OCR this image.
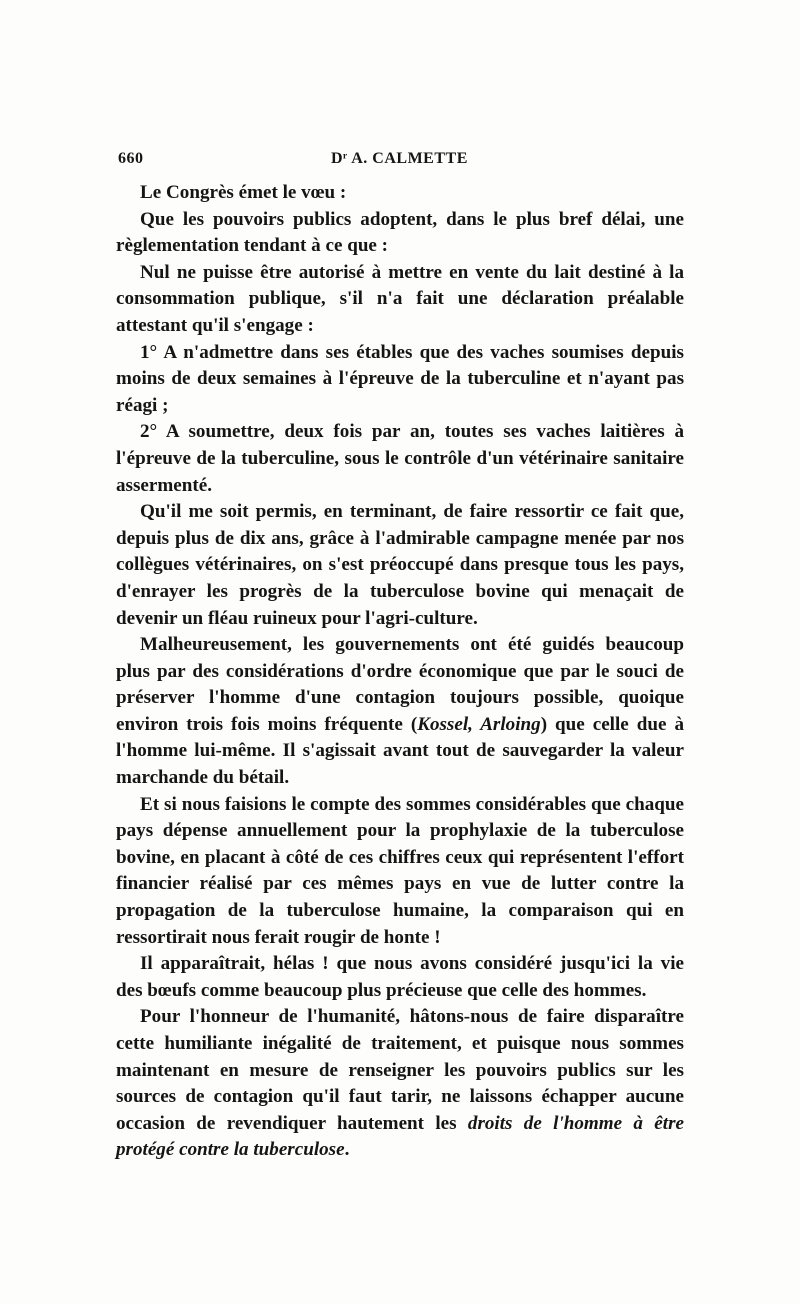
660	Dʳ A. CALMETTE

Le Congrès émet le vœu :

Que les pouvoirs publics adoptent, dans le plus bref délai, une règlementation tendant à ce que :

Nul ne puisse être autorisé à mettre en vente du lait destiné à la consommation publique, s'il n'a fait une déclaration préalable attestant qu'il s'engage :

1° A n'admettre dans ses étables que des vaches soumises depuis moins de deux semaines à l'épreuve de la tuberculine et n'ayant pas réagi ;

2° A soumettre, deux fois par an, toutes ses vaches laitières à l'épreuve de la tuberculine, sous le contrôle d'un vétérinaire sanitaire assermenté.

Qu'il me soit permis, en terminant, de faire ressortir ce fait que, depuis plus de dix ans, grâce à l'admirable campagne menée par nos collègues vétérinaires, on s'est préoccupé dans presque tous les pays, d'enrayer les progrès de la tuberculose bovine qui menaçait de devenir un fléau ruineux pour l'agri-culture.

Malheureusement, les gouvernements ont été guidés beaucoup plus par des considérations d'ordre économique que par le souci de préserver l'homme d'une contagion toujours possible, quoique environ trois fois moins fréquente (Kossel, Arloing) que celle due à l'homme lui-même. Il s'agissait avant tout de sauvegarder la valeur marchande du bétail.

Et si nous faisions le compte des sommes considérables que chaque pays dépense annuellement pour la prophylaxie de la tuberculose bovine, en placant à côté de ces chiffres ceux qui représentent l'effort financier réalisé par ces mêmes pays en vue de lutter contre la propagation de la tuberculose humaine, la comparaison qui en ressortirait nous ferait rougir de honte !

Il apparaîtrait, hélas ! que nous avons considéré jusqu'ici la vie des bœufs comme beaucoup plus précieuse que celle des hommes.

Pour l'honneur de l'humanité, hâtons-nous de faire disparaître cette humiliante inégalité de traitement, et puisque nous sommes maintenant en mesure de renseigner les pouvoirs publics sur les sources de contagion qu'il faut tarir, ne laissons échapper aucune occasion de revendiquer hautement les droits de l'homme à être protégé contre la tuberculose.
